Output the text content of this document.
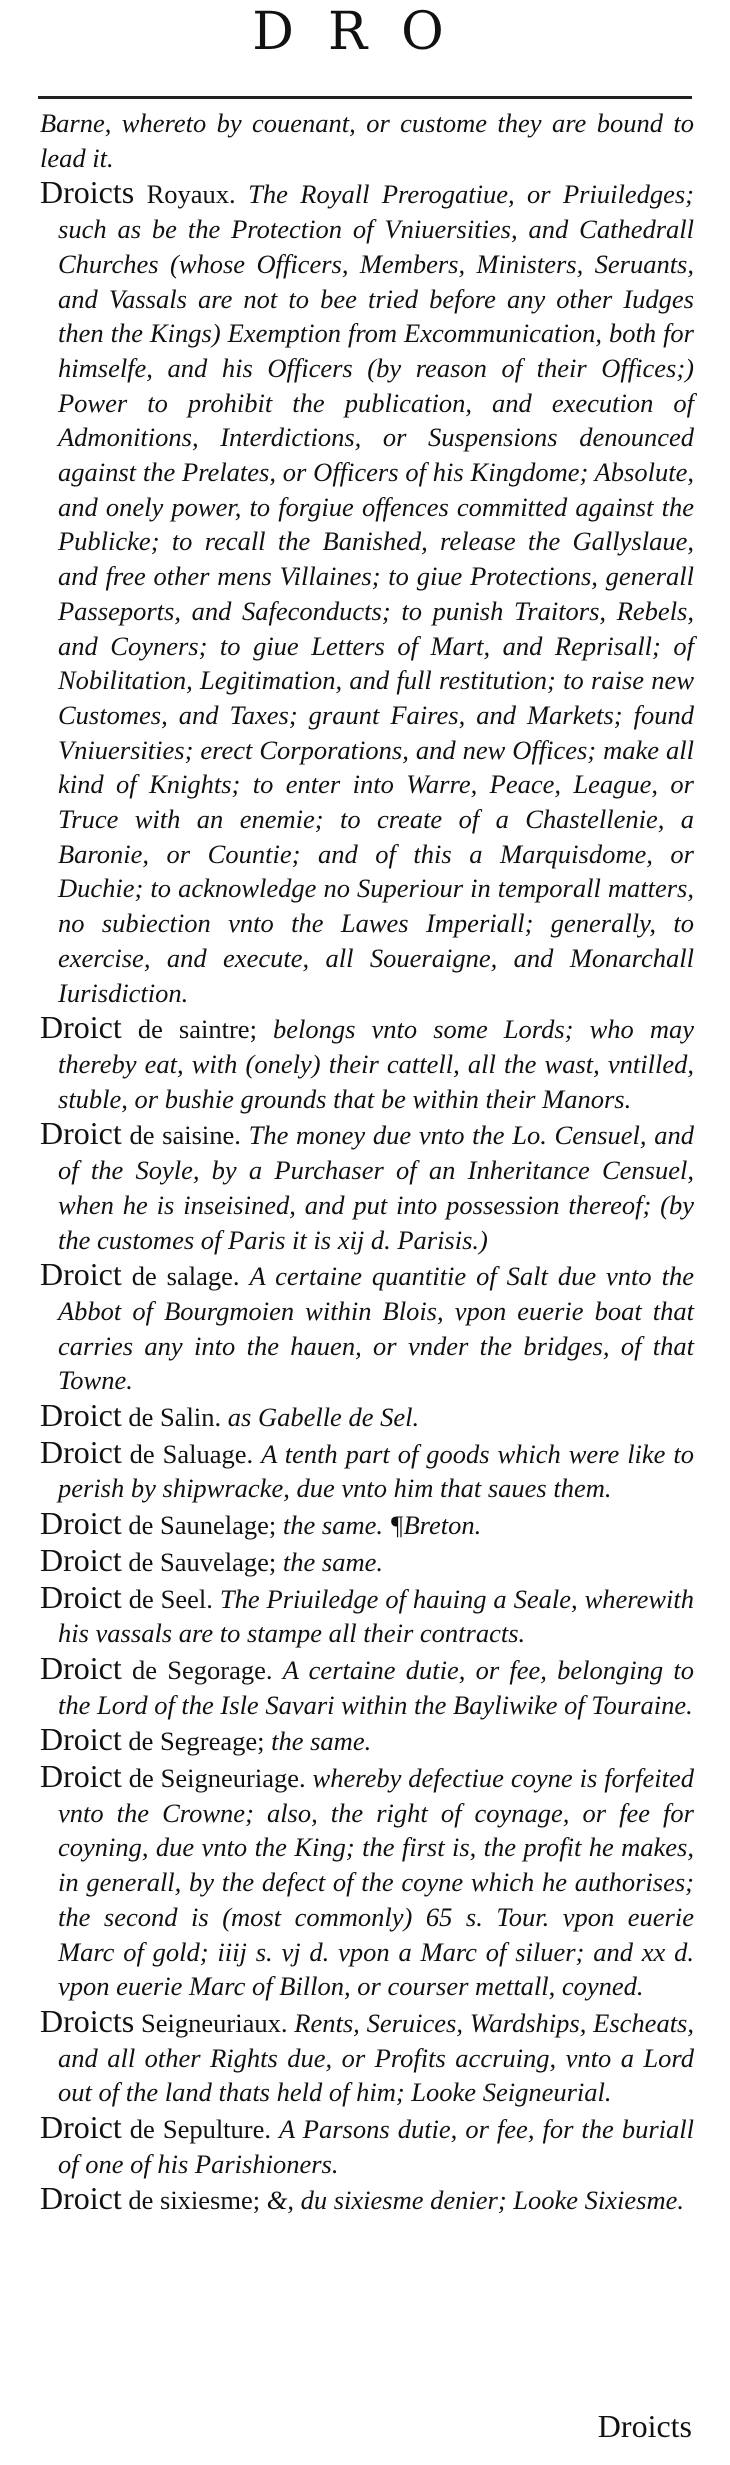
DRO

Barne, whereto by couenant, or custome they are bound to lead it.

Droicts Royaux. The Royall Prerogatiue, or Priuiledges; such as be the Protection of Vniuersities, and Cathedrall Churches (whose Officers, Members, Ministers, Seruants, and Vassals are not to bee tried before any other Iudges then the Kings) Exemption from Excommunication, both for himselfe, and his Officers (by reason of their Offices;) Power to prohibit the publication, and execution of Admonitions, Interdictions, or Suspensions denounced against the Prelates, or Officers of his Kingdome; Absolute, and onely power, to forgiue offences committed against the Publicke; to recall the Banished, release the Gallyslaue, and free other mens Villaines; to giue Protections, generall Passeports, and Safeconducts; to punish Traitors, Rebels, and Coyners; to giue Letters of Mart, and Reprisall; of Nobilitation, Legitimation, and full restitution; to raise new Customes, and Taxes; graunt Faires, and Markets; found Vniuersities; erect Corporations, and new Offices; make all kind of Knights; to enter into Warre, Peace, League, or Truce with an enemie; to create of a Chastellenie, a Baronie, or Countie; and of this a Marquisdome, or Duchie; to acknowledge no Superiour in temporall matters, no subiection vnto the Lawes Imperiall; generally, to exercise, and execute, all Soueraigne, and Monarchall Iurisdiction.

Droict de saintre; belongs vnto some Lords; who may thereby eat, with (onely) their cattell, all the wast, vntilled, stuble, or bushie grounds that be within their Manors.

Droict de saisine. The money due vnto the Lo. Censuel, and of the Soyle, by a Purchaser of an Inheritance Censuel, when he is inseisined, and put into possession thereof; (by the customes of Paris it is xij d. Parisis.)

Droict de salage. A certaine quantitie of Salt due vnto the Abbot of Bourgmoien within Blois, vpon euerie boat that carries any into the hauen, or vnder the bridges, of that Towne.

Droict de Salin. as Gabelle de Sel.

Droict de Saluage. A tenth part of goods which were like to perish by shipwracke, due vnto him that saues them.

Droict de Saunelage; the same. ¶Breton.

Droict de Sauvelage; the same.

Droict de Seel. The Priuiledge of hauing a Seale, wherewith his vassals are to stampe all their contracts.

Droict de Segorage. A certaine dutie, or fee, belonging to the Lord of the Isle Savari within the Bayliwike of Touraine.

Droict de Segreage; the same.

Droict de Seigneuriage. whereby defectiue coyne is forfeited vnto the Crowne; also, the right of coynage, or fee for coyning, due vnto the King; the first is, the profit he makes, in generall, by the defect of the coyne which he authorises; the second is (most commonly) 65 s. Tour. vpon euerie Marc of gold; iiij s. vj d. vpon a Marc of siluer; and xx d. vpon euerie Marc of Billon, or courser mettall, coyned.

Droicts Seigneuriaux. Rents, Seruices, Wardships, Escheats, and all other Rights due, or Profits accruing, vnto a Lord out of the land thats held of him; Looke Seigneurial.

Droict de Sepulture. A Parsons dutie, or fee, for the buriall of one of his Parishioners.

Droict de sixiesme; &, du sixiesme denier; Looke Sixiesme.

Droicts
